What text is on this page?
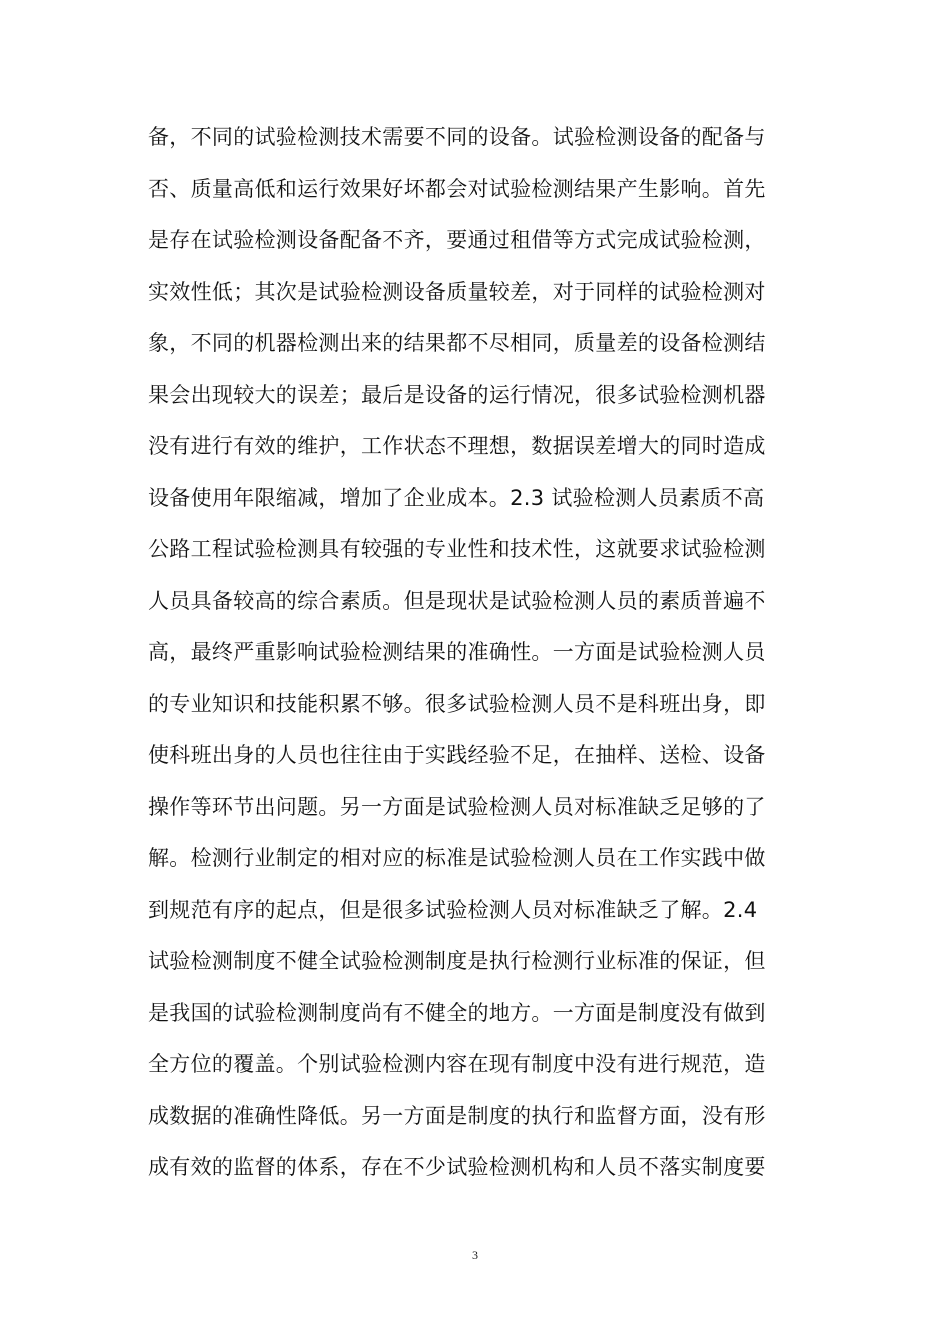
备，不同的试验检测技术需要不同的设备。试验检测设备的配备与
否、质量高低和运行效果好坏都会对试验检测结果产生影响。首先
是存在试验检测设备配备不齐，要通过租借等方式完成试验检测，
实效性低；其次是试验检测设备质量较差，对于同样的试验检测对
象，不同的机器检测出来的结果都不尽相同，质量差的设备检测结
果会出现较大的误差；最后是设备的运行情况，很多试验检测机器
没有进行有效的维护，工作状态不理想，数据误差增大的同时造成
设备使用年限缩减，增加了企业成本。2.3 试验检测人员素质不高
公路工程试验检测具有较强的专业性和技术性，这就要求试验检测
人员具备较高的综合素质。但是现状是试验检测人员的素质普遍不
高，最终严重影响试验检测结果的准确性。一方面是试验检测人员
的专业知识和技能积累不够。很多试验检测人员不是科班出身，即
使科班出身的人员也往往由于实践经验不足，在抽样、送检、设备
操作等环节出问题。另一方面是试验检测人员对标准缺乏足够的了
解。检测行业制定的相对应的标准是试验检测人员在工作实践中做
到规范有序的起点，但是很多试验检测人员对标准缺乏了解。2.4
试验检测制度不健全试验检测制度是执行检测行业标准的保证，但
是我国的试验检测制度尚有不健全的地方。一方面是制度没有做到
全方位的覆盖。个别试验检测内容在现有制度中没有进行规范，造
成数据的准确性降低。另一方面是制度的执行和监督方面，没有形
成有效的监督的体系，存在不少试验检测机构和人员不落实制度要
3
